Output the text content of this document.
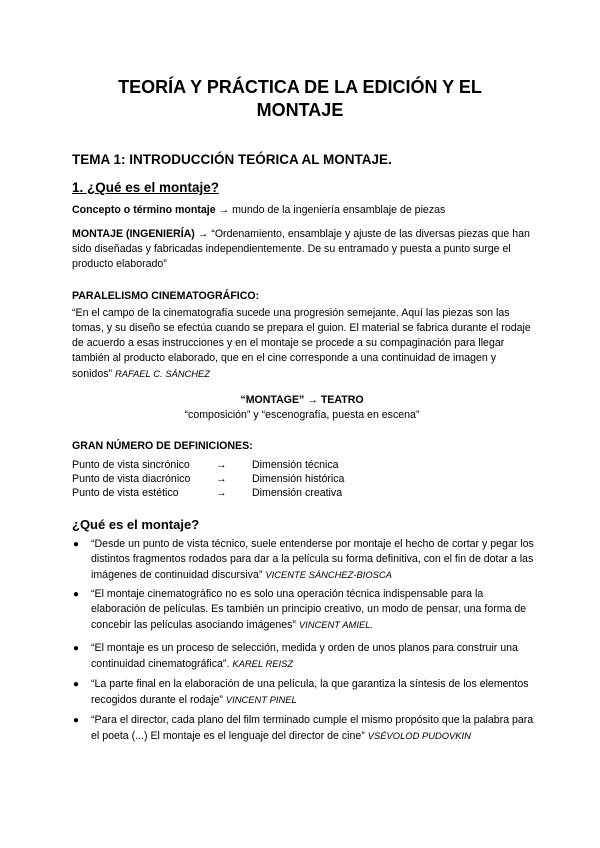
TEORÍA Y PRÁCTICA DE LA EDICIÓN Y EL
MONTAJE
TEMA 1: INTRODUCCIÓN TEÓRICA AL MONTAJE.
1. ¿Qué es el montaje?
Concepto o término montaje → mundo de la ingeniería ensamblaje de piezas
MONTAJE (INGENIERÍA) → “Ordenamiento, ensamblaje y ajuste de las diversas piezas que han sido diseñadas y fabricadas independientemente. De su entramado y puesta a punto surge el producto elaborado”
PARALELISMO CINEMATOGRÁFICO:
“En el campo de la cinematografía sucede una progresión semejante. Aquí las piezas son las tomas, y su diseño se efectúa cuando se prepara el guion. El material se fabrica durante el rodaje de acuerdo a esas instrucciones y en el montaje se procede a su compaginación para llegar también al producto elaborado, que en el cine corresponde a una continuidad de imagen y sonidos” RAFAEL C. SÁNCHEZ
“MONTAGE” → TEATRO
“composición” y “escenografía, puesta en escena”
GRAN NÚMERO DE DEFINICIONES:
Punto de vista sincrónico → Dimensión técnica
Punto de vista diacrónico → Dimensión histórica
Punto de vista estético	→ Dimensión creativa
¿Qué es el montaje?
● “Desde un punto de vista técnico, suele entenderse por montaje el hecho de cortar y pegar los distintos fragmentos rodados para dar a la película su forma definitiva, con el fin de dotar a las imágenes de continuidad discursiva” VICENTE SÁNCHEZ-BIOSCA
● “El montaje cinematográfico no es solo una operación técnica indispensable para la elaboración de películas. Es también un principio creativo, un modo de pensar, una forma de concebir las películas asociando imágenes” VINCENT AMIEL.
● “El montaje es un proceso de selección, medida y orden de unos planos para construir una continuidad cinematográfica”. KAREL REISZ
● “La parte final en la elaboración de una película, la que garantiza la síntesis de los elementos recogidos durante el rodaje” VINCENT PINEL
● “Para el director, cada plano del film terminado cumple el mismo propósito que la palabra para el poeta (...) El montaje es el lenguaje del director de cine” VSÉVOLOD PUDOVKIN
